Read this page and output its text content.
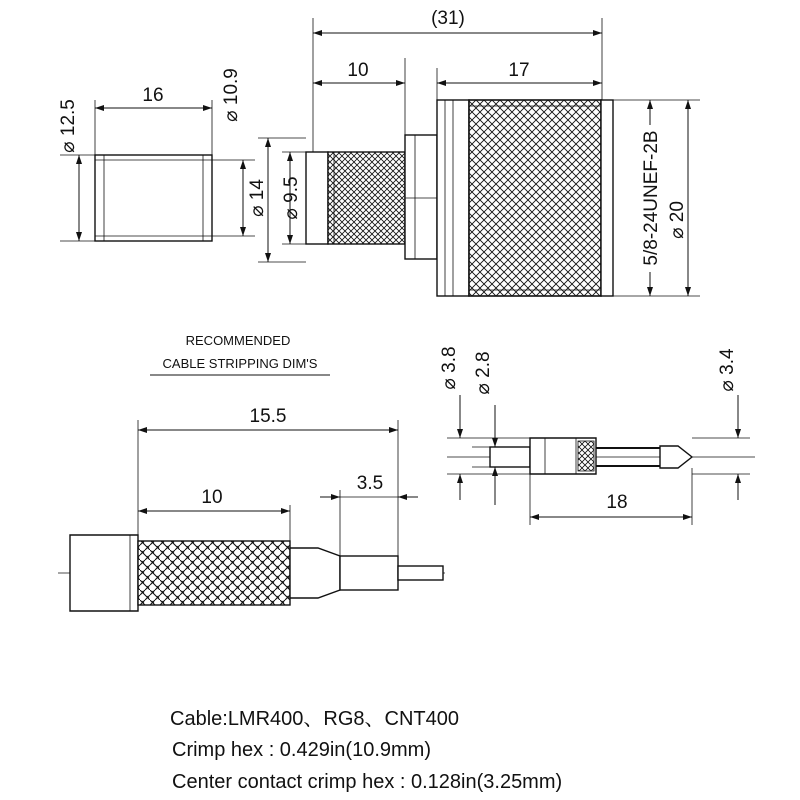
16
⌀ 12.5
⌀ 10.9
(31)
10	17
⌀ 14 ⌀ 9.5	5/8-24UNEF-2B ⌀ 20
RECOMMENDED
CABLE STRIPPING DIM'S	⌀ 3.8 ⌀ 2.8	⌀ 3.4
18
15.5
10
3.5
Cable:LMR400、RG8、CNT400
Crimp hex : 0.429in(10.9mm)
Center contact crimp hex : 0.128in(3.25mm)
